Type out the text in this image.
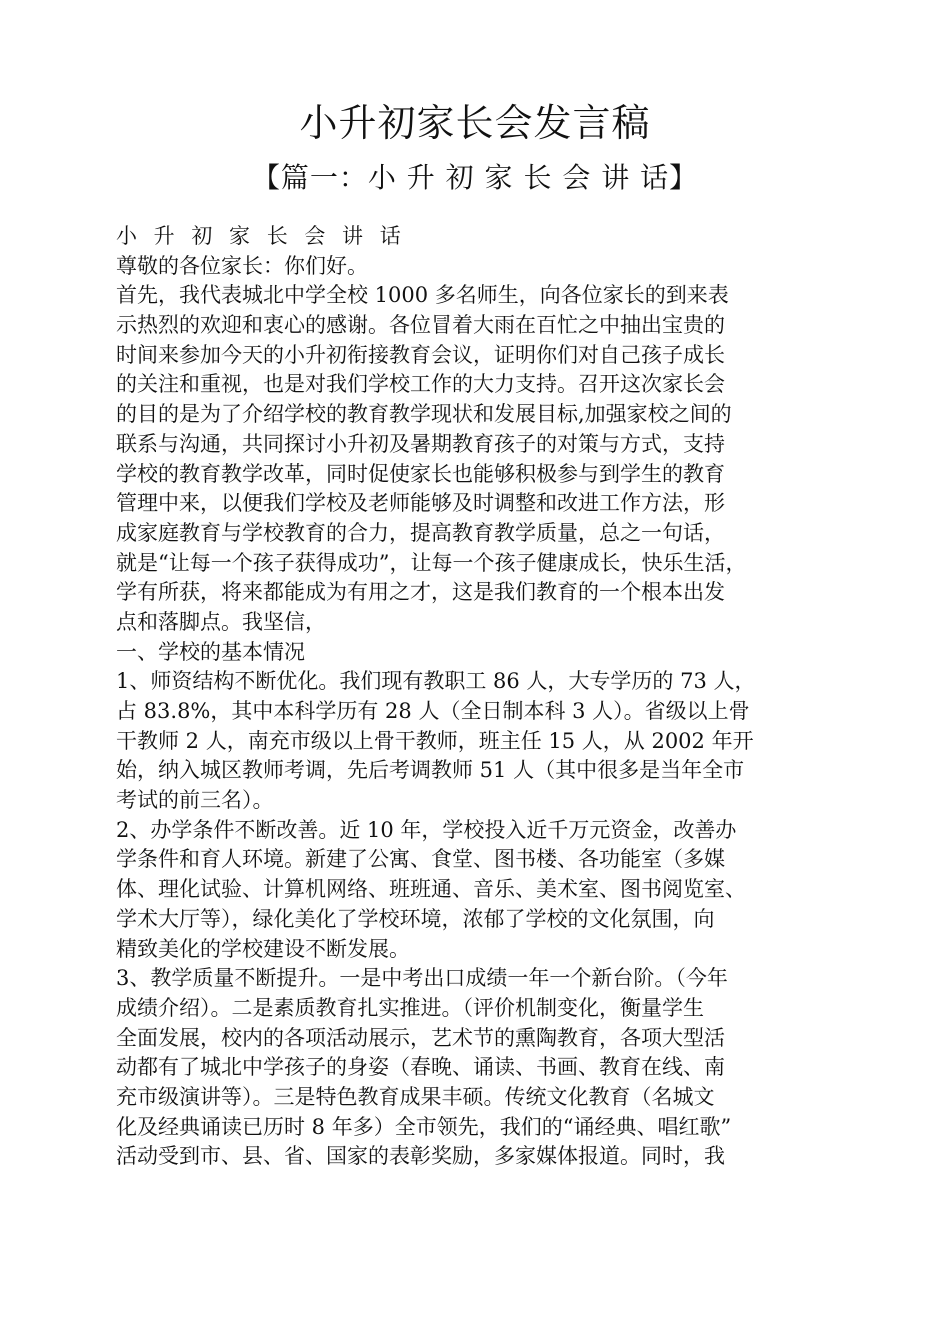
小升初家长会发言稿
【篇一：小 升 初 家 长 会 讲 话】
小 升 初 家 长 会 讲 话
尊敬的各位家长：你们好。
首先，我代表城北中学全校 1000 多名师生，向各位家长的到来表
示热烈的欢迎和衷心的感谢。各位冒着大雨在百忙之中抽出宝贵的
时间来参加今天的小升初衔接教育会议，证明你们对自己孩子成长
的关注和重视，也是对我们学校工作的大力支持。召开这次家长会
的目的是为了介绍学校的教育教学现状和发展目标,加强家校之间的
联系与沟通，共同探讨小升初及暑期教育孩子的对策与方式，支持
学校的教育教学改革，同时促使家长也能够积极参与到学生的教育
管理中来，以便我们学校及老师能够及时调整和改进工作方法，形
成家庭教育与学校教育的合力，提高教育教学质量，总之一句话，
就是“让每一个孩子获得成功”，让每一个孩子健康成长，快乐生活，
学有所获，将来都能成为有用之才，这是我们教育的一个根本出发
点和落脚点。我坚信，
一、学校的基本情况
1、师资结构不断优化。我们现有教职工 86 人，大专学历的 73 人，
占 83.8%，其中本科学历有 28 人（全日制本科 3 人）。省级以上骨
干教师 2 人，南充市级以上骨干教师，班主任 15 人，从 2002 年开
始，纳入城区教师考调，先后考调教师 51 人（其中很多是当年全市
考试的前三名）。
2、办学条件不断改善。近 10 年，学校投入近千万元资金，改善办
学条件和育人环境。新建了公寓、食堂、图书楼、各功能室（多媒
体、理化试验、计算机网络、班班通、音乐、美术室、图书阅览室、
学术大厅等），绿化美化了学校环境，浓郁了学校的文化氛围，向
精致美化的学校建设不断发展。
3、教学质量不断提升。一是中考出口成绩一年一个新台阶。（今年
成绩介绍）。二是素质教育扎实推进。（评价机制变化，衡量学生
全面发展，校内的各项活动展示，艺术节的熏陶教育，各项大型活
动都有了城北中学孩子的身姿（春晚、诵读、书画、教育在线、南
充市级演讲等）。三是特色教育成果丰硕。传统文化教育（名城文
化及经典诵读已历时 8 年多）全市领先，我们的“诵经典、唱红歌”
活动受到市、县、省、国家的表彰奖励，多家媒体报道。同时，我
